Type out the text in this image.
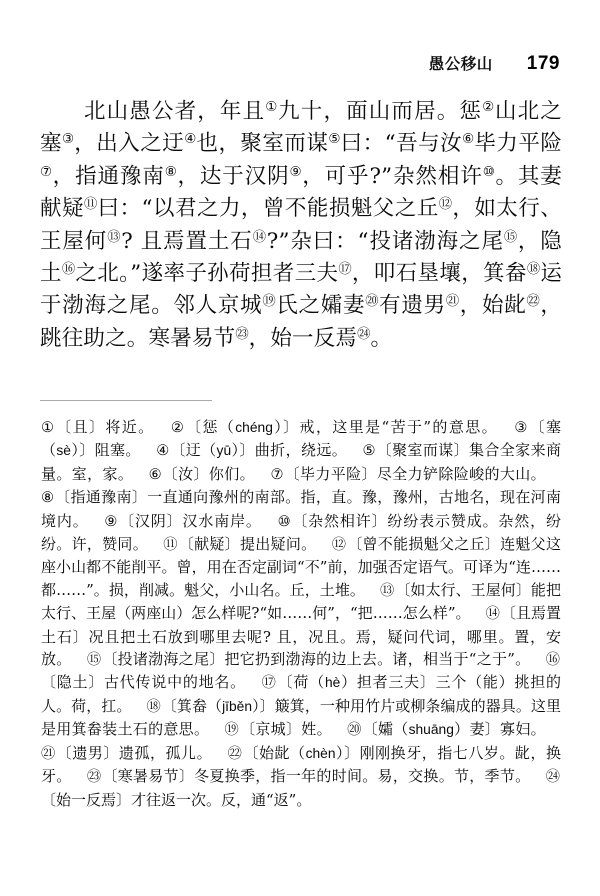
愚公移山 179
北山愚公者，年且①九十，面山而居。惩②山北之塞③，出入之迂④也，聚室而谋⑤曰：“吾与汝⑥毕力平险⑦，指通豫南⑧，达于汉阴⑨，可乎?”杂然相许⑩。其妻献疑⑪曰：“以君之力，曾不能损魁父之丘⑫，如太行、王屋何⑬? 且焉置土石⑭?”杂曰：“投诸渤海之尾⑮，隐土⑯之北。”遂率子孙荷担者三夫⑰，叩石垦壤，箕畚⑱运于渤海之尾。邻人京城⑲氏之孀妻⑳有遗男$^㉑$，始龀$^㉒$，跳往助之。寒暑易节$^㉓$，始一反焉$^㉔$。
①〔且〕将近。   ②〔惩（chéng）〕戒，这里是“苦于”的意思。   ③〔塞（sè）〕阻塞。   ④〔迂（yū）〕曲折，绕远。   ⑤〔聚室而谋〕集合全家来商量。室，家。   ⑥〔汝〕你们。   ⑦〔毕力平险〕尽全力铲除险峻的大山。  ⑧〔指通豫南〕一直通向豫州的南部。指，直。豫，豫州，古地名，现在河南境内。   ⑨〔汉阴〕汉水南岸。   ⑩〔杂然相许〕纷纷表示赞成。杂然，纷纷。许，赞同。   ⑪〔献疑〕提出疑问。   ⑫〔曾不能损魁父之丘〕连魁父这座小山都不能削平。曾，用在否定副词“不”前，加强否定语气。可译为“连……都……”。损，削减。魁父，小山名。丘，土堆。   ⑬〔如太行、王屋何〕能把太行、王屋（两座山）怎么样呢?“如……何”，“把……怎么样”。   ⑭〔且焉置土石〕况且把土石放到哪里去呢? 且，况且。焉，疑问代词，哪里。置，安放。   ⑮〔投诸渤海之尾〕把它扔到渤海的边上去。诸，相当于“之于”。   ⑯〔隐土〕古代传说中的地名。   ⑰〔荷（hè）担者三夫〕三个（能）挑担的人。荷，扛。   ⑱〔箕畚（jīběn）〕簸箕，一种用竹片或柳条编成的器具。这里是用箕畚装土石的意思。   ⑲〔京城〕姓。   ⑳〔孀（shuāng）妻〕寡妇。  ㉑〔遗男〕遗孤，孤儿。   ㉒〔始龀（chèn）〕刚刚换牙，指七八岁。龀，换牙。   ㉓〔寒暑易节〕冬夏换季，指一年的时间。易，交换。节，季节。   ㉔〔始一反焉〕才往返一次。反，通“返”。
